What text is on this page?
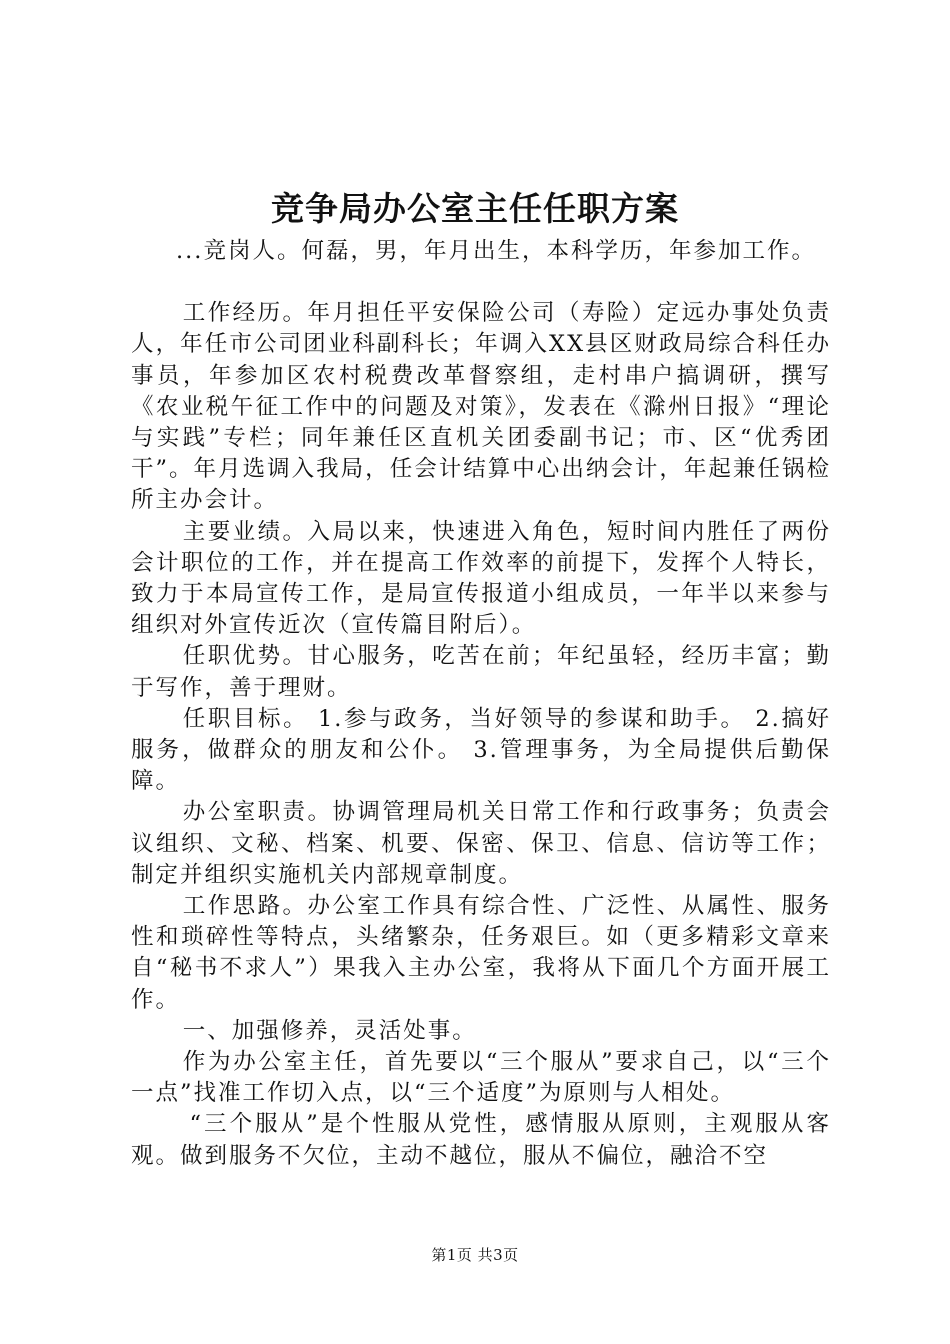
竞争局办公室主任任职方案

...竞岗人。何磊，男，年月出生，本科学历，年参加工作。

工作经历。年月担任平安保险公司（寿险）定远办事处负责人，年任市公司团业科副科长；年调入XX县区财政局综合科任办事员，年参加区农村税费改革督察组，走村串户搞调研，撰写《农业税午征工作中的问题及对策》，发表在《滁州日报》“理论与实践”专栏；同年兼任区直机关团委副书记；市、区“优秀团干”。年月选调入我局，任会计结算中心出纳会计，年起兼任锅检所主办会计。

主要业绩。入局以来，快速进入角色，短时间内胜任了两份会计职位的工作，并在提高工作效率的前提下，发挥个人特长，致力于本局宣传工作，是局宣传报道小组成员，一年半以来参与组织对外宣传近次（宣传篇目附后）。

任职优势。甘心服务，吃苦在前；年纪虽轻，经历丰富；勤于写作，善于理财。

任职目标。 1.参与政务，当好领导的参谋和助手。 2.搞好服务，做群众的朋友和公仆。 3.管理事务，为全局提供后勤保障。

办公室职责。协调管理局机关日常工作和行政事务；负责会议组织、文秘、档案、机要、保密、保卫、信息、信访等工作；制定并组织实施机关内部规章制度。

工作思路。办公室工作具有综合性、广泛性、从属性、服务性和琐碎性等特点，头绪繁杂，任务艰巨。如（更多精彩文章来自“秘书不求人”）果我入主办公室，我将从下面几个方面开展工作。

一、加强修养，灵活处事。

作为办公室主任，首先要以“三个服从”要求自己，以“三个一点”找准工作切入点，以“三个适度”为原则与人相处。

“三个服从”是个性服从党性，感情服从原则，主观服从客观。做到服务不欠位，主动不越位，服从不偏位，融洽不空

第1页 共3页
